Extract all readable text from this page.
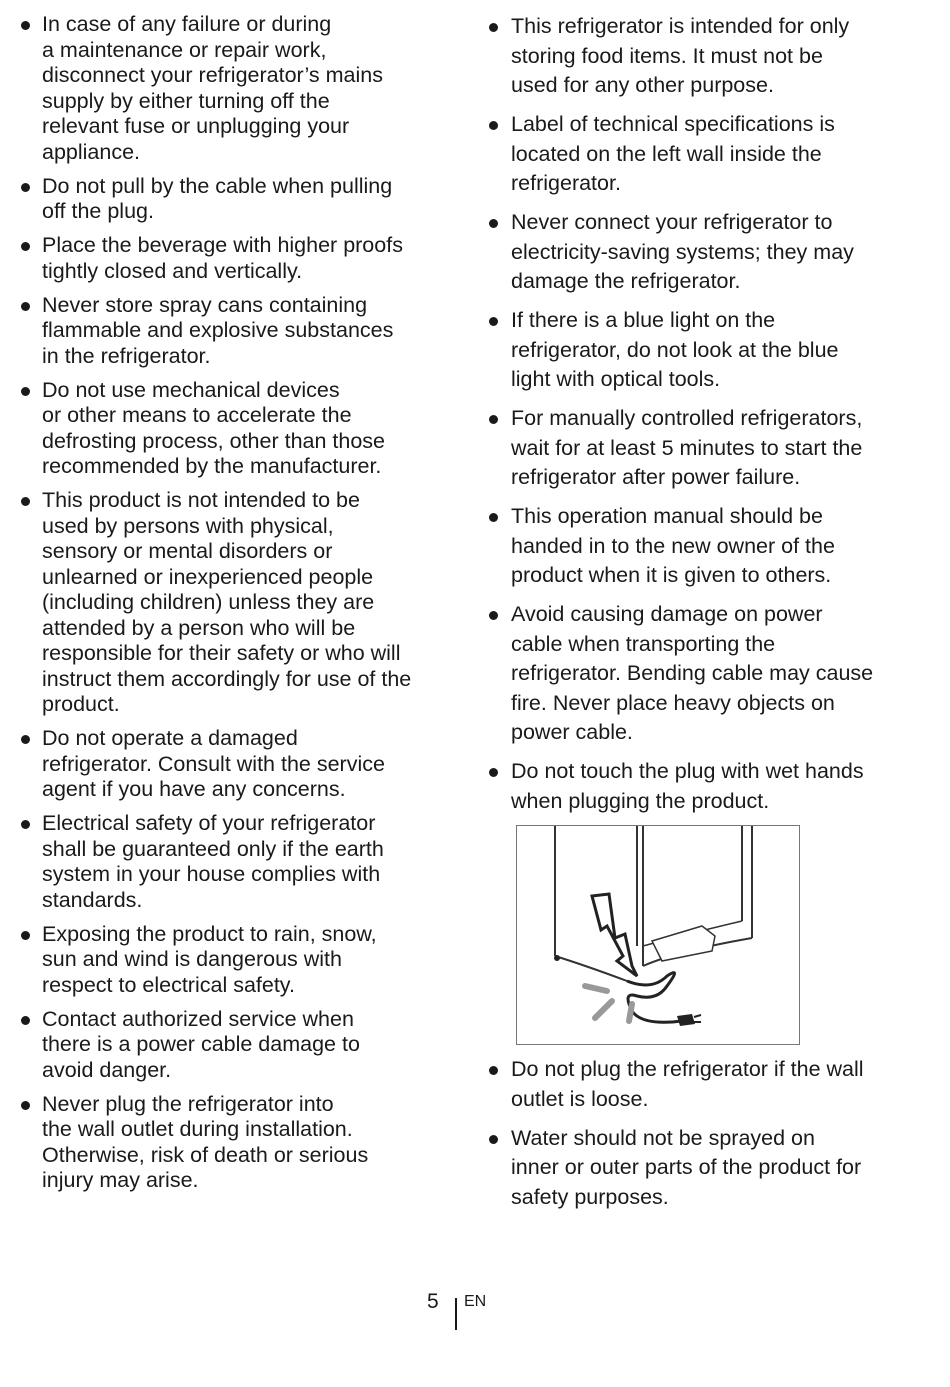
In case of any failure or during
a maintenance or repair work,
disconnect your refrigerator’s mains
supply by either turning off the
relevant fuse or unplugging your
appliance.
Do not pull by the cable when pulling
off the plug.
Place the beverage with higher proofs
tightly closed and vertically.
Never store spray cans containing
flammable and explosive substances
in the refrigerator.
Do not use mechanical devices
or other means to accelerate the
defrosting process, other than those
recommended by the manufacturer.
This product is not intended to be
used by persons with physical,
sensory or mental disorders or
unlearned or inexperienced people
(including children) unless they are
attended by a person who will be
responsible for their safety or who will
instruct them accordingly for use of the
product.
Do not operate a damaged
refrigerator. Consult with the service
agent if you have any concerns.
Electrical safety of your refrigerator
shall be guaranteed only if the earth
system in your house complies with
standards.
Exposing the product to rain, snow,
sun and wind is dangerous with
respect to electrical safety.
Contact authorized service when
there is a power cable damage to
avoid danger.
Never plug the refrigerator into
the wall outlet during installation.
Otherwise, risk of death or serious
injury may arise.
This refrigerator is intended for only
storing food items. It must not be
used for any other purpose.
Label of technical specifications is
located on the left wall inside the
refrigerator.
Never connect your refrigerator to
electricity-saving systems; they may
damage the refrigerator.
If there is a blue light on the
refrigerator, do not look at the blue
light with optical tools.
For manually controlled refrigerators,
wait for at least 5 minutes to start the
refrigerator after power failure.
This operation manual should be
handed in to the new owner of the
product when it is given to others.
Avoid causing damage on power
cable when transporting the
refrigerator. Bending cable may cause
fire. Never place heavy objects on
power cable.
Do not touch the plug with wet hands
when plugging the product.
Do not plug the refrigerator if the wall
outlet is loose.
Water should not be sprayed on
inner or outer parts of the product for
safety purposes.
5 EN
